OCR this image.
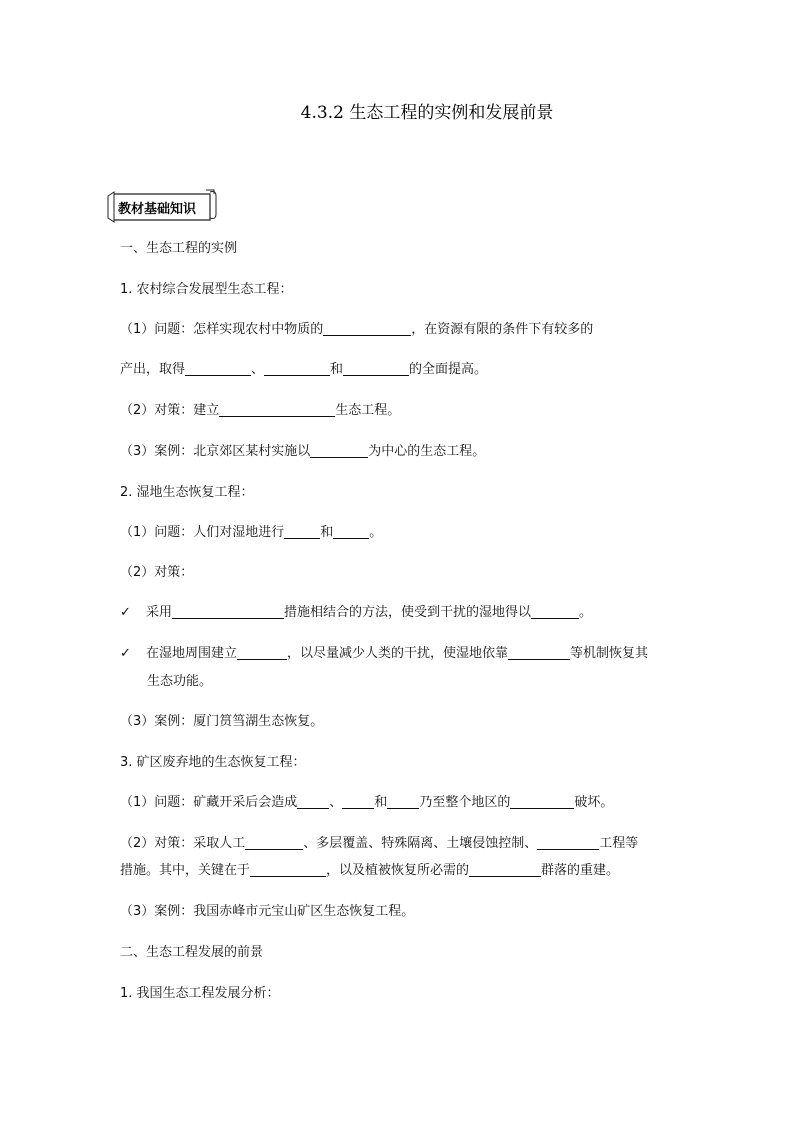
4.3.2 生态工程的实例和发展前景
教材基础知识
一、生态工程的实例
1. 农村综合发展型生态工程：
（1）问题：怎样实现农村中物质的	，在资源有限的条件下有较多的
产出，取得	、	和	的全面提高。
（2）对策：建立	生态工程。
（3）案例：北京郊区某村实施以	为中心的生态工程。
2. 湿地生态恢复工程：
（1）问题：人们对湿地进行	和	。
（2）对策：
✓ 采用	措施相结合的方法，使受到干扰的湿地得以	。
✓ 在湿地周围建立	，以尽量减少人类的干扰，使湿地依靠	等机制恢复其
生态功能。
（3）案例：厦门筼筜湖生态恢复。
3. 矿区废弃地的生态恢复工程：
（1）问题：矿藏开采后会造成 、 和 乃至整个地区的	破坏。
（2）对策：采取人工	、多层覆盖、特殊隔离、土壤侵蚀控制、	工程等
措施。其中，关键在于	，以及植被恢复所必需的	群落的重建。
（3）案例：我国赤峰市元宝山矿区生态恢复工程。
二、生态工程发展的前景
1. 我国生态工程发展分析：
